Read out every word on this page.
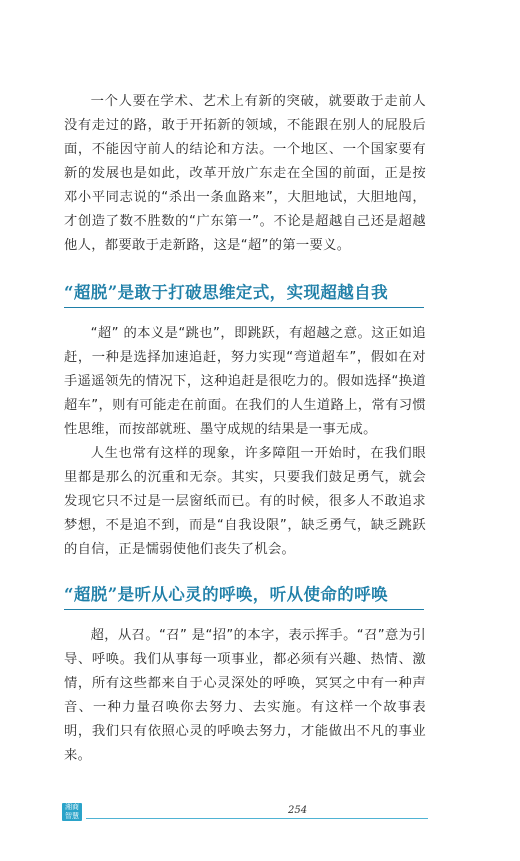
一个人要在学术、艺术上有新的突破，就要敢于走前人没有走过的路，敢于开拓新的领域，不能跟在别人的屁股后面，不能因守前人的结论和方法。一个地区、一个国家要有新的发展也是如此，改革开放广东走在全国的前面，正是按邓小平同志说的“杀出一条血路来”，大胆地试，大胆地闯，才创造了数不胜数的“广东第一”。不论是超越自己还是超越他人，都要敢于走新路，这是“超”的第一要义。

“超脱”是敢于打破思维定式，实现超越自我

“超” 的本义是“跳也”，即跳跃，有超越之意。这正如追赶，一种是选择加速追赶，努力实现“弯道超车”，假如在对手遥遥领先的情况下，这种追赶是很吃力的。假如选择“换道超车”，则有可能走在前面。在我们的人生道路上，常有习惯性思维，而按部就班、墨守成规的结果是一事无成。

人生也常有这样的现象，许多障阻一开始时，在我们眼里都是那么的沉重和无奈。其实，只要我们鼓足勇气，就会发现它只不过是一层窗纸而已。有的时候，很多人不敢追求梦想，不是追不到，而是“自我设限”，缺乏勇气，缺乏跳跃的自信，正是懦弱使他们丧失了机会。

“超脱”是听从心灵的呼唤，听从使命的呼唤

超，从召。“召” 是“招”的本字，表示挥手。“召”意为引导、呼唤。我们从事每一项事业，都必须有兴趣、热情、激情，所有这些都来自于心灵深处的呼唤，冥冥之中有一种声音、一种力量召唤你去努力、去实施。有这样一个故事表明，我们只有依照心灵的呼唤去努力，才能做出不凡的事业来。

湘商
智慧	254
